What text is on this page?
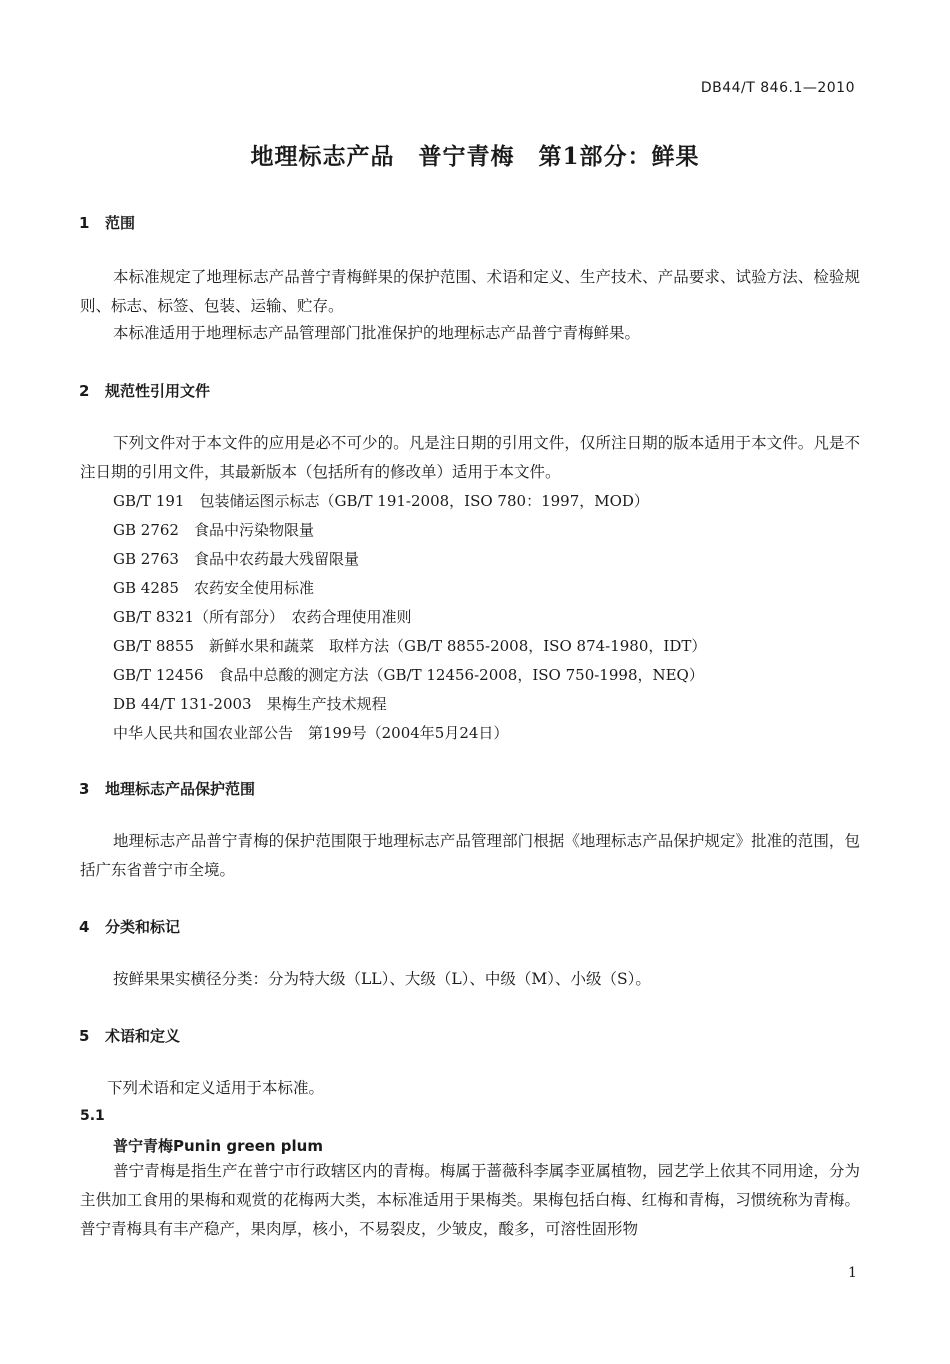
DB44/T 846.1—2010

地理标志产品　普宁青梅　第1部分：鲜果
1 范围

本标准规定了地理标志产品普宁青梅鲜果的保护范围、术语和定义、生产技术、产品要求、试验方法、检验规则、标志、标签、包装、运输、贮存。

本标准适用于地理标志产品管理部门批准保护的地理标志产品普宁青梅鲜果。

2 规范性引用文件

下列文件对于本文件的应用是必不可少的。凡是注日期的引用文件，仅所注日期的版本适用于本文件。凡是不注日期的引用文件，其最新版本（包括所有的修改单）适用于本文件。

GB/T 191　包装储运图示标志（GB/T 191-2008，ISO 780：1997，MOD）

GB 2762　食品中污染物限量

GB 2763　食品中农药最大残留限量

GB 4285　农药安全使用标准

GB/T 8321（所有部分）　农药合理使用准则

GB/T 8855　新鲜水果和蔬菜　取样方法（GB/T 8855-2008，ISO 874-1980，IDT）

GB/T 12456　食品中总酸的测定方法（GB/T 12456-2008，ISO 750-1998，NEQ）

DB 44/T 131-2003　果梅生产技术规程

中华人民共和国农业部公告　第199号（2004年5月24日）

3 地理标志产品保护范围

地理标志产品普宁青梅的保护范围限于地理标志产品管理部门根据《地理标志产品保护规定》批准的范围，包括广东省普宁市全境。

4 分类和标记

按鲜果果实横径分类：分为特大级（LL）、大级（L）、中级（M）、小级（S）。

5 术语和定义

下列术语和定义适用于本标准。

5.1

普宁青梅Punin green plum

普宁青梅是指生产在普宁市行政辖区内的青梅。梅属于蔷薇科李属李亚属植物，园艺学上依其不同用途，分为主供加工食用的果梅和观赏的花梅两大类，本标准适用于果梅类。果梅包括白梅、红梅和青梅，习惯统称为青梅。普宁青梅具有丰产稳产，果肉厚，核小，不易裂皮，少皱皮，酸多，可溶性固形物

1
